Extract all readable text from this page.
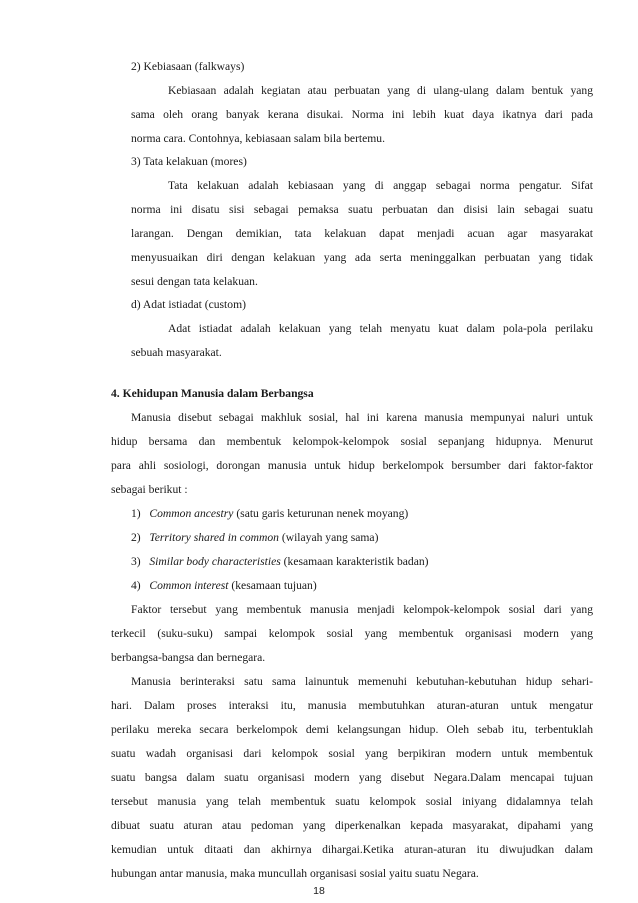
2) Kebiasaan (falkways)
Kebiasaan adalah kegiatan atau perbuatan yang di ulang-ulang dalam bentuk yang
sama oleh orang banyak kerana disukai. Norma ini lebih kuat daya ikatnya dari pada
norma cara. Contohnya, kebiasaan salam bila bertemu.
3) Tata kelakuan (mores)
Tata kelakuan adalah kebiasaan yang di anggap sebagai norma pengatur. Sifat
norma ini disatu sisi sebagai pemaksa suatu perbuatan dan disisi lain sebagai suatu
larangan. Dengan demikian, tata kelakuan dapat menjadi acuan agar masyarakat
menyusuaikan diri dengan kelakuan yang ada serta meninggalkan perbuatan yang tidak
sesui dengan tata kelakuan.
d) Adat istiadat (custom)
Adat istiadat adalah kelakuan yang telah menyatu kuat dalam pola-pola perilaku
sebuah masyarakat.
4. Kehidupan Manusia dalam Berbangsa
Manusia disebut sebagai makhluk sosial, hal ini karena manusia mempunyai naluri untuk
hidup bersama dan membentuk kelompok-kelompok sosial sepanjang hidupnya. Menurut
para ahli sosiologi, dorongan manusia untuk hidup berkelompok bersumber dari faktor-faktor
sebagai berikut :
1) Common ancestry (satu garis keturunan nenek moyang)
2) Territory shared in common (wilayah yang sama)
3) Similar body characteristies (kesamaan karakteristik badan)
4) Common interest (kesamaan tujuan)
Faktor tersebut yang membentuk manusia menjadi kelompok-kelompok sosial dari yang
terkecil (suku-suku) sampai kelompok sosial yang membentuk organisasi modern yang
berbangsa-bangsa dan bernegara.
Manusia berinteraksi satu sama lainuntuk memenuhi kebutuhan-kebutuhan hidup sehari-
hari. Dalam proses interaksi itu, manusia membutuhkan aturan-aturan untuk mengatur
perilaku mereka secara berkelompok demi kelangsungan hidup. Oleh sebab itu, terbentuklah
suatu wadah organisasi dari kelompok sosial yang berpikiran modern untuk membentuk
suatu bangsa dalam suatu organisasi modern yang disebut Negara.Dalam mencapai tujuan
tersebut manusia yang telah membentuk suatu kelompok sosial iniyang didalamnya telah
dibuat suatu aturan atau pedoman yang diperkenalkan kepada masyarakat, dipahami yang
kemudian untuk ditaati dan akhirnya dihargai.Ketika aturan-aturan itu diwujudkan dalam
hubungan antar manusia, maka muncullah organisasi sosial yaitu suatu Negara.
18
